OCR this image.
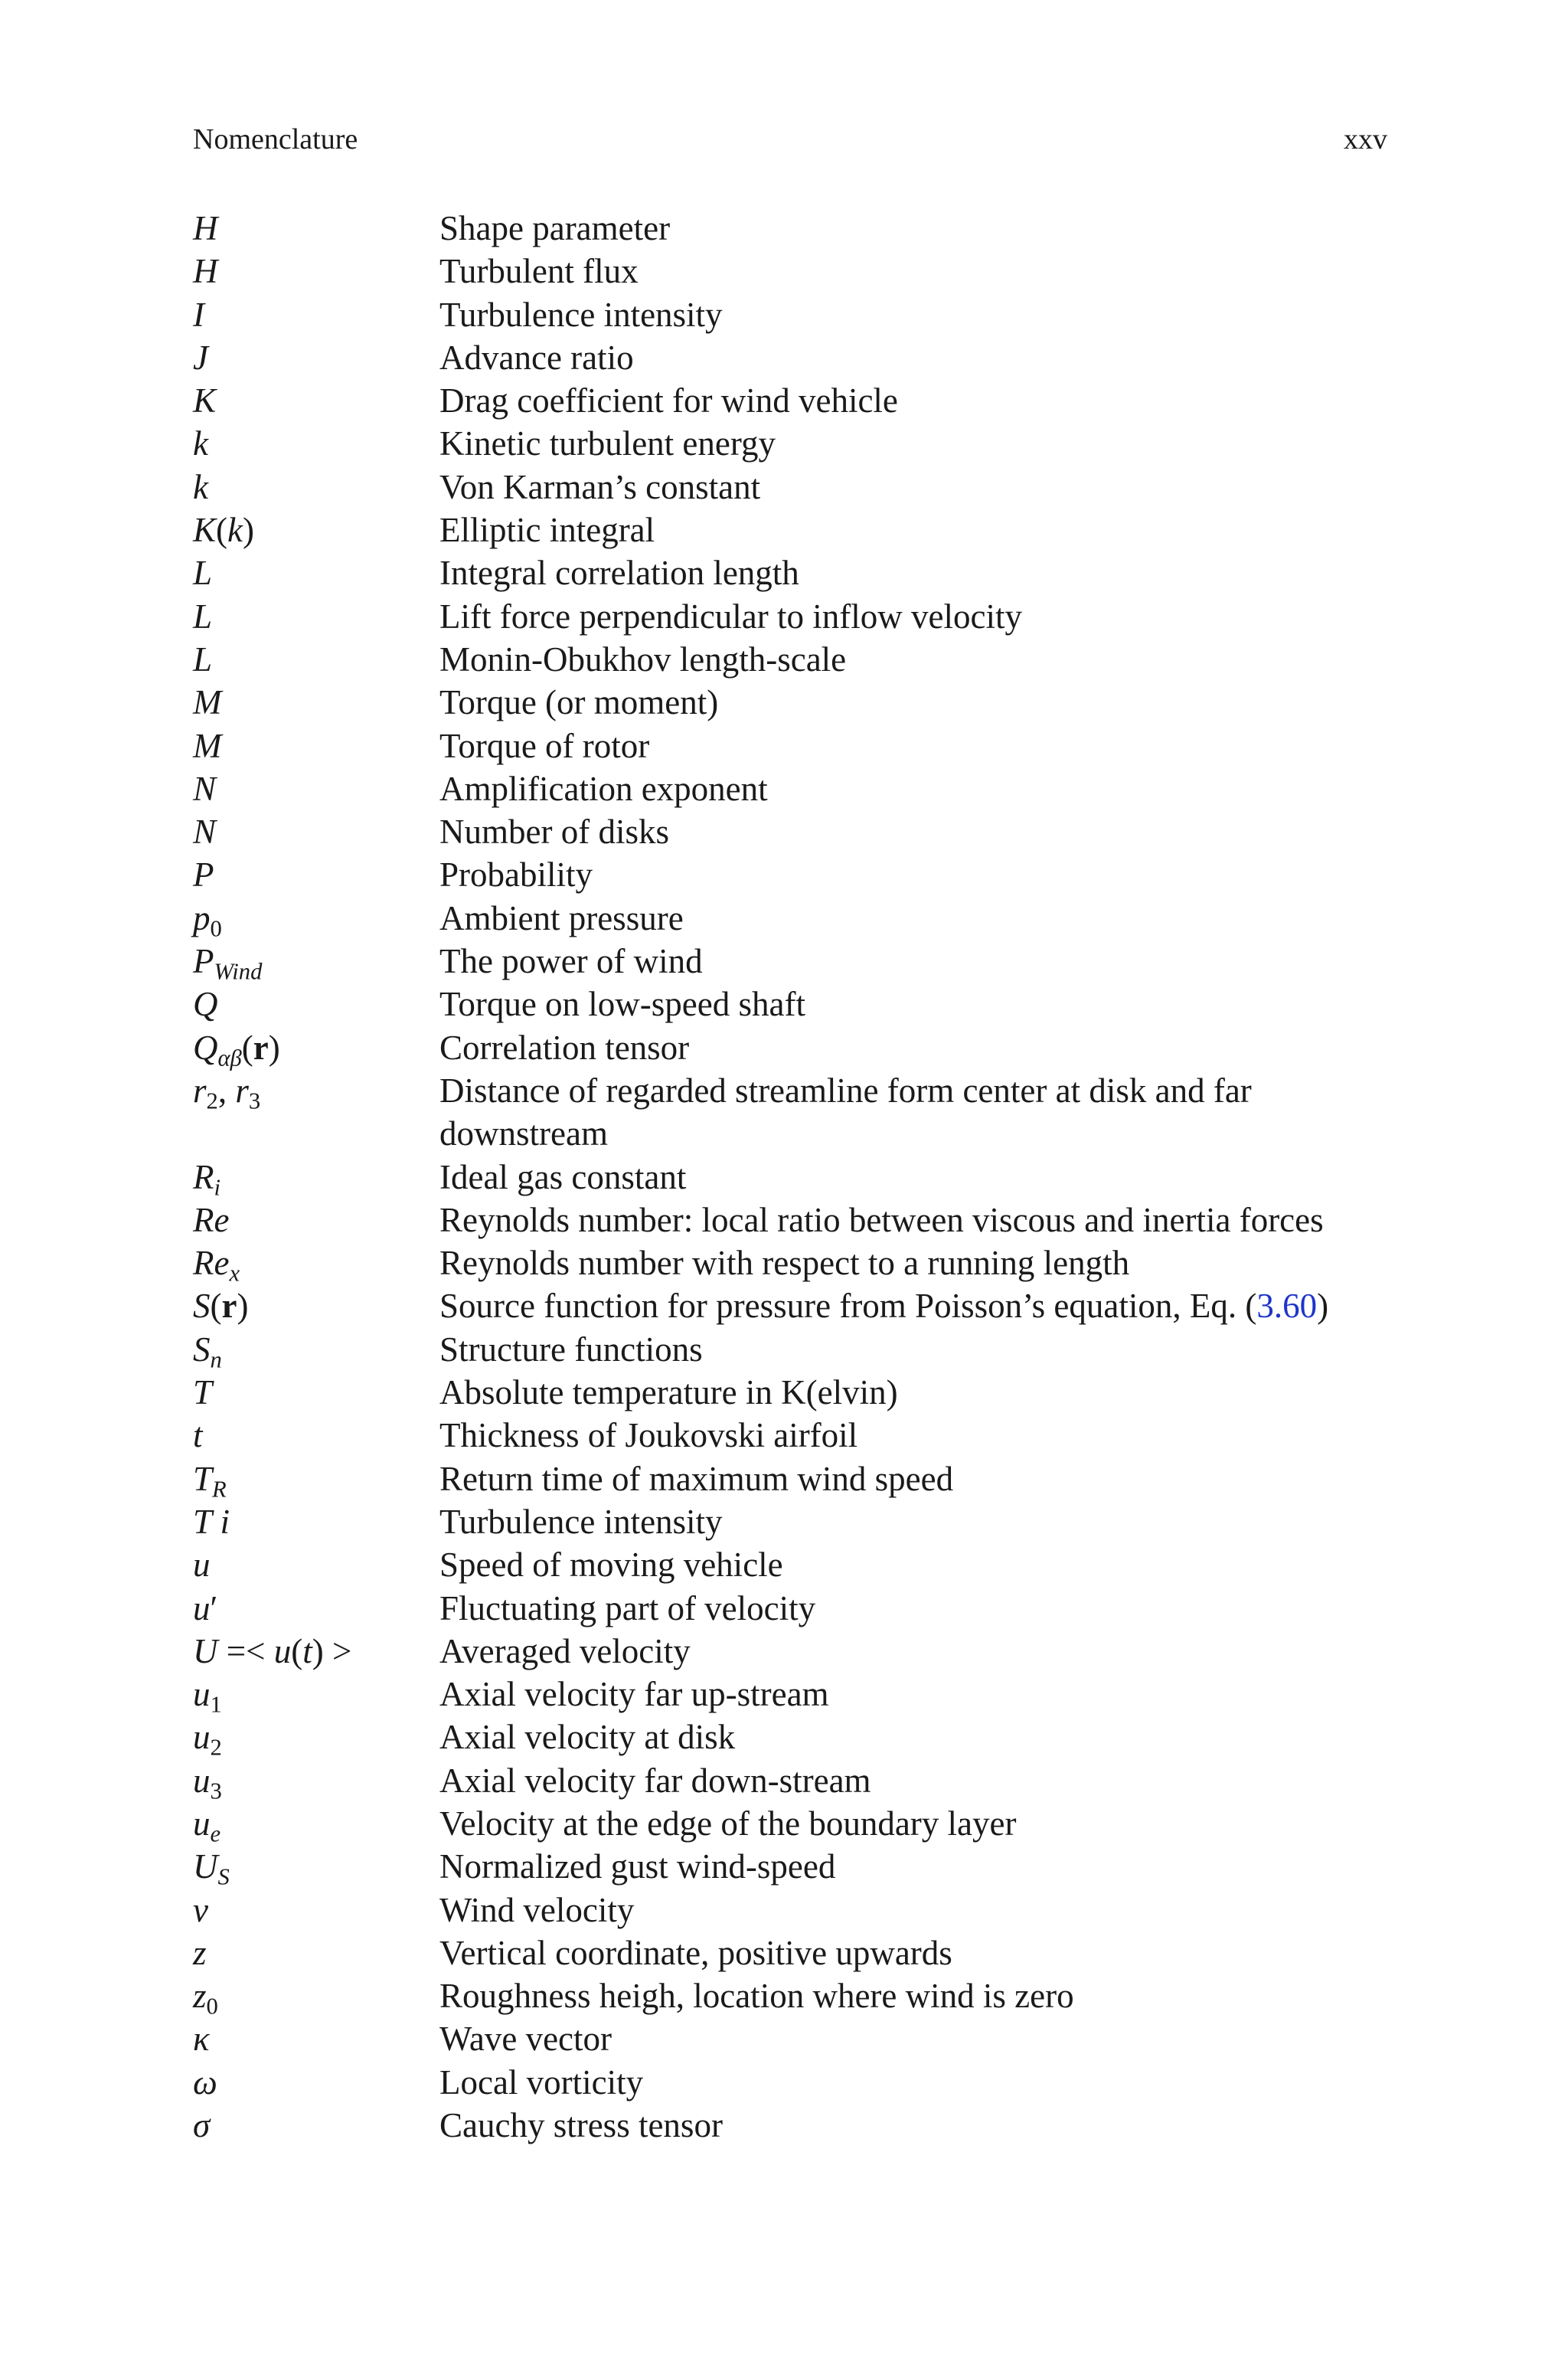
Nomenclature	xxv
H	Shape parameter
H	Turbulent flux
I	Turbulence intensity
J	Advance ratio
K	Drag coefficient for wind vehicle
k	Kinetic turbulent energy
k	Von Karman’s constant
K(k)	Elliptic integral
L	Integral correlation length
L	Lift force perpendicular to inflow velocity
L	Monin-Obukhov length-scale
M	Torque (or moment)
M	Torque of rotor
N	Amplification exponent
N	Number of disks
P	Probability
$p_0$	Ambient pressure
$P_{Wind}$	The power of wind
Q	Torque on low-speed shaft
$Q_{\alpha\beta}(r)$	Correlation tensor
$r_2$, $r_3$	Distance of regarded streamline form center at disk and far
downstream
$R_i$	Ideal gas constant
Re	Reynolds number: local ratio between viscous and inertia forces
$Re_x$	Reynolds number with respect to a running length
S(r)	Source function for pressure from Poisson’s equation, Eq. (3.60)
$S_n$	Structure functions
T	Absolute temperature in K(elvin)
t	Thickness of Joukovski airfoil
$T_R$	Return time of maximum wind speed
T i	Turbulence intensity
u	Speed of moving vehicle
u′	Fluctuating part of velocity
U =< u(t) >	Averaged velocity
$u_1$	Axial velocity far up-stream
$u_2$	Axial velocity at disk
$u_3$	Axial velocity far down-stream
$u_e$	Velocity at the edge of the boundary layer
$U_S$	Normalized gust wind-speed
v	Wind velocity
z	Vertical coordinate, positive upwards
$z_0$	Roughness heigh, location where wind is zero
κ	Wave vector
ω	Local vorticity
σ	Cauchy stress tensor
